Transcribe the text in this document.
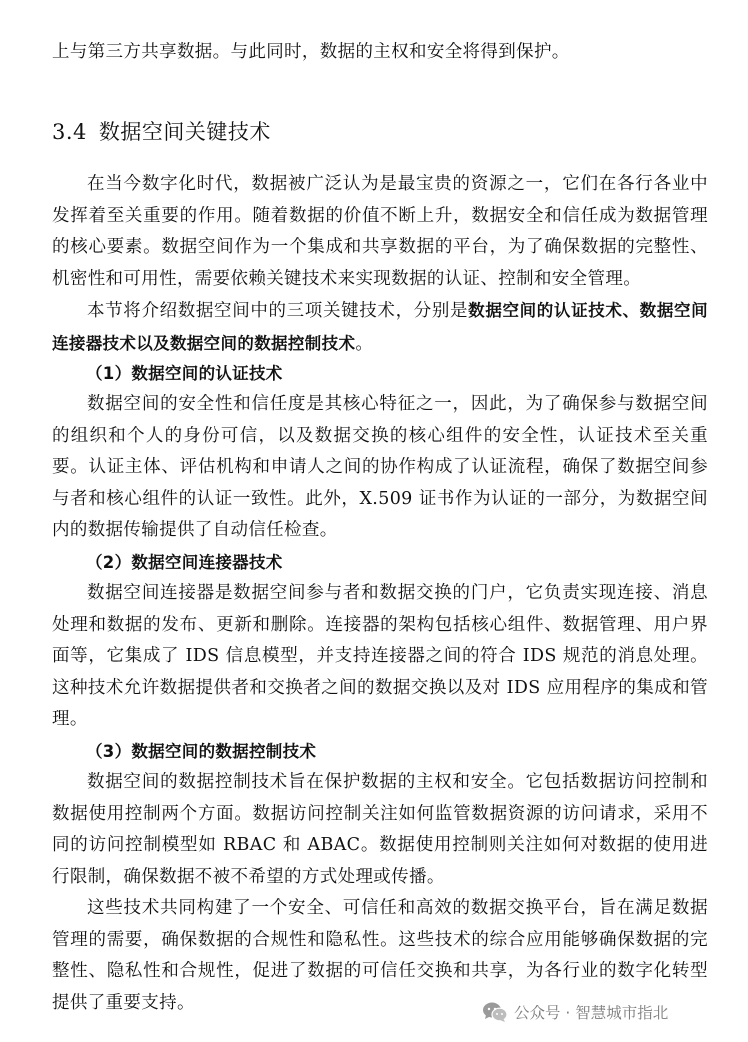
上与第三方共享数据。与此同时，数据的主权和安全将得到保护。

3.4 数据空间关键技术

在当今数字化时代，数据被广泛认为是最宝贵的资源之一，它们在各行各业中发挥着至关重要的作用。随着数据的价值不断上升，数据安全和信任成为数据管理的核心要素。数据空间作为一个集成和共享数据的平台，为了确保数据的完整性、机密性和可用性，需要依赖关键技术来实现数据的认证、控制和安全管理。

本节将介绍数据空间中的三项关键技术，分别是数据空间的认证技术、数据空间连接器技术以及数据空间的数据控制技术。

（1）数据空间的认证技术

数据空间的安全性和信任度是其核心特征之一，因此，为了确保参与数据空间的组织和个人的身份可信，以及数据交换的核心组件的安全性，认证技术至关重要。认证主体、评估机构和申请人之间的协作构成了认证流程，确保了数据空间参与者和核心组件的认证一致性。此外，X.509 证书作为认证的一部分，为数据空间内的数据传输提供了自动信任检查。

（2）数据空间连接器技术

数据空间连接器是数据空间参与者和数据交换的门户，它负责实现连接、消息处理和数据的发布、更新和删除。连接器的架构包括核心组件、数据管理、用户界面等，它集成了 IDS 信息模型，并支持连接器之间的符合 IDS 规范的消息处理。这种技术允许数据提供者和交换者之间的数据交换以及对 IDS 应用程序的集成和管理。

（3）数据空间的数据控制技术

数据空间的数据控制技术旨在保护数据的主权和安全。它包括数据访问控制和数据使用控制两个方面。数据访问控制关注如何监管数据资源的访问请求，采用不同的访问控制模型如 RBAC 和 ABAC。数据使用控制则关注如何对数据的使用进行限制，确保数据不被不希望的方式处理或传播。

这些技术共同构建了一个安全、可信任和高效的数据交换平台，旨在满足数据管理的需要，确保数据的合规性和隐私性。这些技术的综合应用能够确保数据的完整性、隐私性和合规性，促进了数据的可信任交换和共享，为各行业的数字化转型提供了重要支持。

公众号 · 智慧城市指北
